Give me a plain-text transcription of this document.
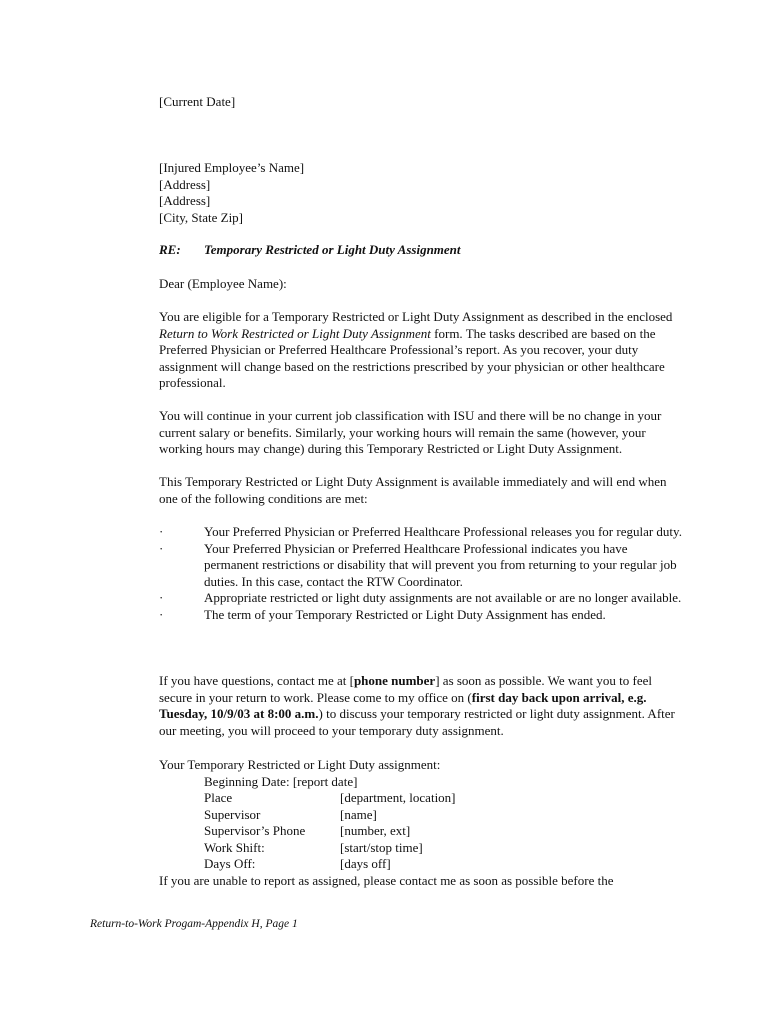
[Current Date]

[Injured Employee’s Name]

[Address]

[Address]

[City, State Zip]

RE: Temporary Restricted or Light Duty Assignment

Dear (Employee Name):

You are eligible for a Temporary Restricted or Light Duty Assignment as described in the enclosed Return to Work Restricted or Light Duty Assignment form. The tasks described are based on the Preferred Physician or Preferred Healthcare Professional’s report. As you recover, your duty assignment will change based on the restrictions prescribed by your physician or other healthcare professional.

You will continue in your current job classification with ISU and there will be no change in your current salary or benefits. Similarly, your working hours will remain the same (however, your working hours may change) during this Temporary Restricted or Light Duty Assignment.

This Temporary Restricted or Light Duty Assignment is available immediately and will end when one of the following conditions are met:

·	Your Preferred Physician or Preferred Healthcare Professional releases you for regular duty.
·	Your Preferred Physician or Preferred Healthcare Professional indicates you have permanent restrictions or disability that will prevent you from returning to your regular job duties. In this case, contact the RTW Coordinator.
·	Appropriate restricted or light duty assignments are not available or are no longer available.
·	The term of your Temporary Restricted or Light Duty Assignment has ended.

If you have questions, contact me at [phone number] as soon as possible. We want you to feel secure in your return to work. Please come to my office on (first day back upon arrival, e.g. Tuesday, 10/9/03 at 8:00 a.m.) to discuss your temporary restricted or light duty assignment. After our meeting, you will proceed to your temporary duty assignment.

Your Temporary Restricted or Light Duty assignment:

Beginning Date: [report date]
Place	[department, location]
Supervisor	[name]
Supervisor’s Phone	[number, ext]
Work Shift:	[start/stop time]
Days Off:	[days off]

If you are unable to report as assigned, please contact me as soon as possible before the

Return-to-Work Progam-Appendix H, Page 1
